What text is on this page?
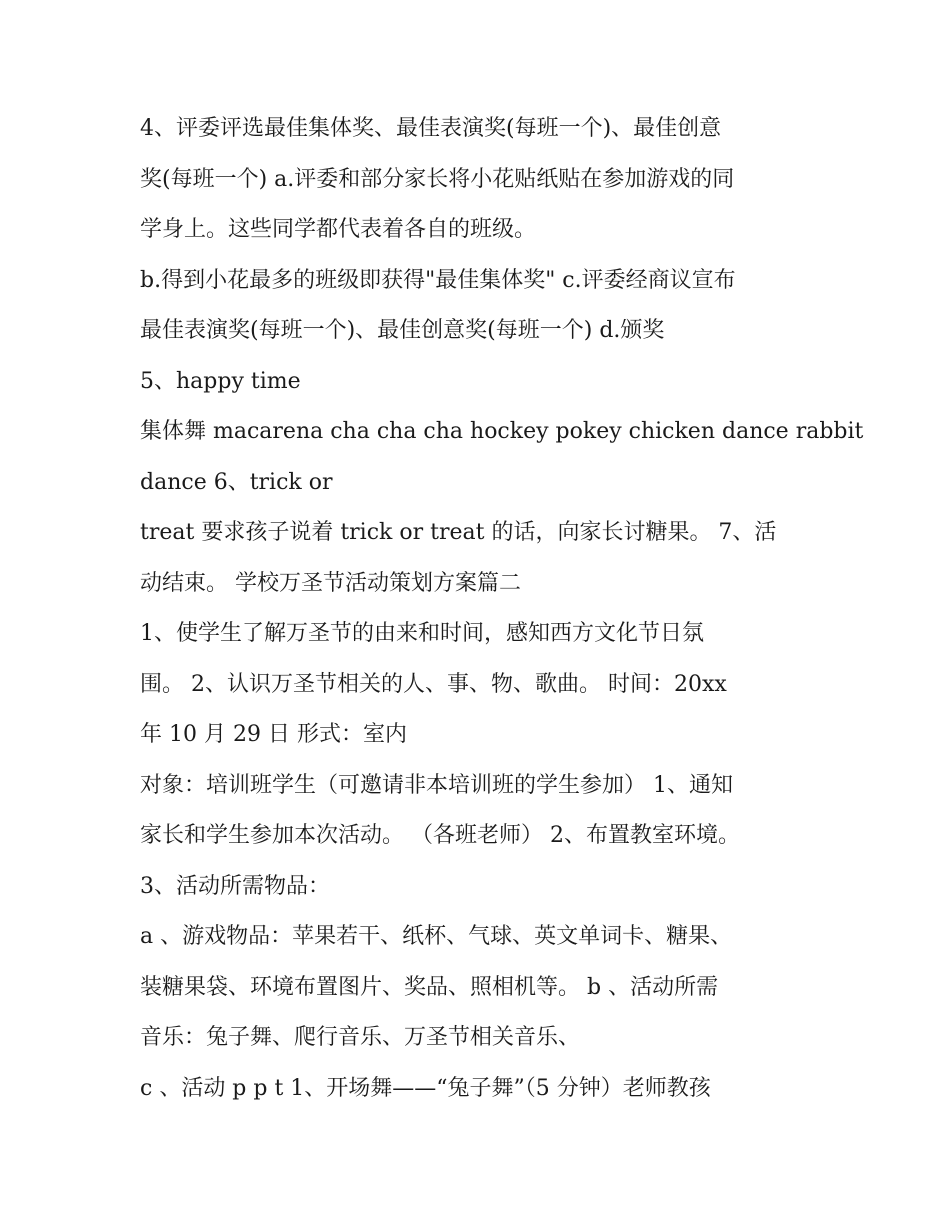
4、评委评选最佳集体奖、最佳表演奖(每班一个)、最佳创意
奖(每班一个) a.评委和部分家长将小花贴纸贴在参加游戏的同
学身上。这些同学都代表着各自的班级。
b.得到小花最多的班级即获得"最佳集体奖" c.评委经商议宣布
最佳表演奖(每班一个)、最佳创意奖(每班一个) d.颁奖
5、happy time
集体舞 macarena cha cha cha hockey pokey chicken dance rabbit
dance 6、trick or
treat 要求孩子说着 trick or treat 的话，向家长讨糖果。 7、活
动结束。 学校万圣节活动策划方案篇二
1、使学生了解万圣节的由来和时间，感知西方文化节日氛
围。 2、认识万圣节相关的人、事、物、歌曲。 时间：20xx
年 10 月 29 日 形式：室内
对象：培训班学生（可邀请非本培训班的学生参加） 1、通知
家长和学生参加本次活动。 （各班老师） 2、布置教室环境。
3、活动所需物品：
a 、游戏物品：苹果若干、纸杯、气球、英文单词卡、糖果、
装糖果袋、环境布置图片、奖品、照相机等。 b 、活动所需
音乐：兔子舞、爬行音乐、万圣节相关音乐、
c 、活动 p p t 1、开场舞——“兔子舞”（5 分钟）老师教孩
